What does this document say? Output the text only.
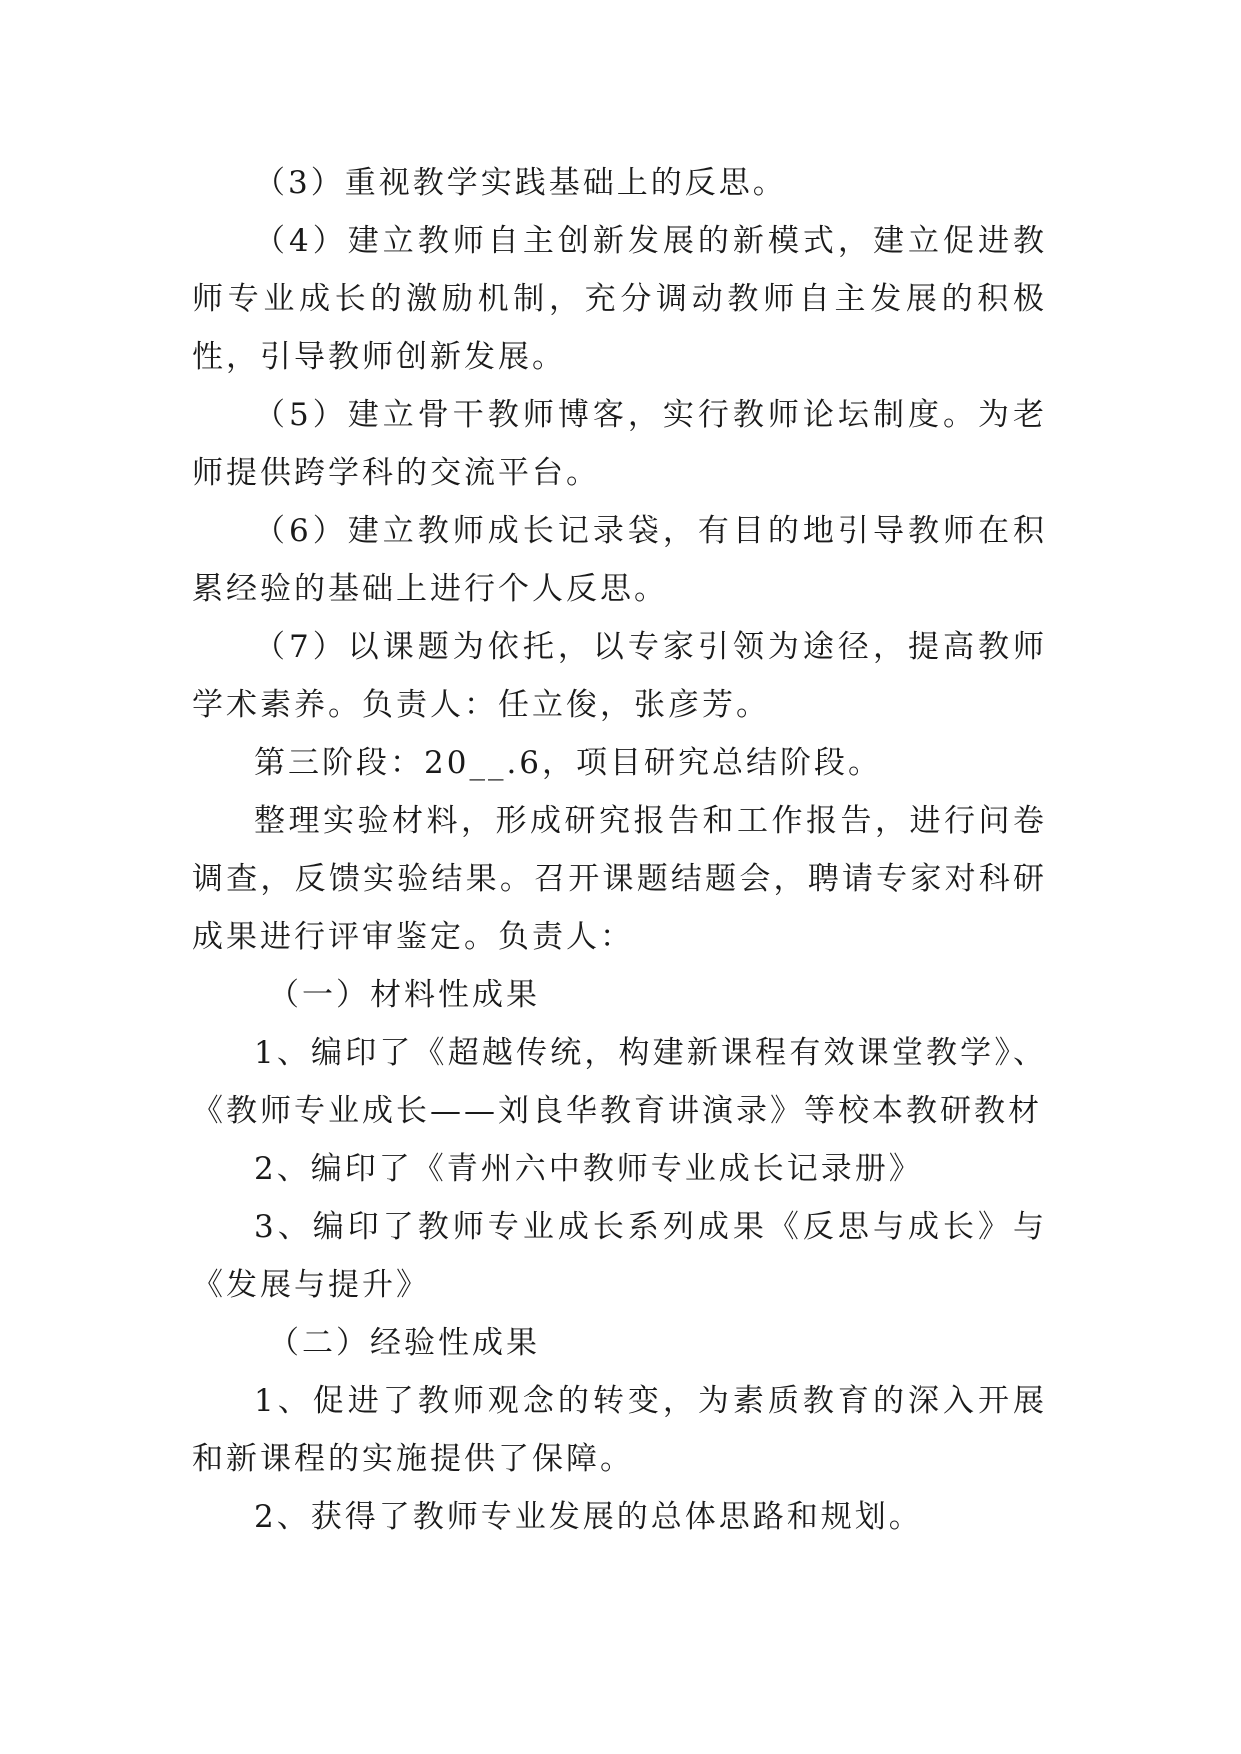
（3）重视教学实践基础上的反思。

（4）建立教师自主创新发展的新模式，建立促进教师专业成长的激励机制，充分调动教师自主发展的积极性，引导教师创新发展。

（5）建立骨干教师博客，实行教师论坛制度。为老师提供跨学科的交流平台。

（6）建立教师成长记录袋，有目的地引导教师在积累经验的基础上进行个人反思。

（7）以课题为依托，以专家引领为途径，提高教师学术素养。负责人：任立俊，张彦芳。

第三阶段：20__.6，项目研究总结阶段。

整理实验材料，形成研究报告和工作报告，进行问卷调查，反馈实验结果。召开课题结题会，聘请专家对科研成果进行评审鉴定。负责人：

（一）材料性成果

1、编印了《超越传统，构建新课程有效课堂教学》、《教师专业成长——刘良华教育讲演录》等校本教研教材

2、编印了《青州六中教师专业成长记录册》

3、编印了教师专业成长系列成果《反思与成长》与《发展与提升》

（二）经验性成果

1、促进了教师观念的转变，为素质教育的深入开展和新课程的实施提供了保障。

2、获得了教师专业发展的总体思路和规划。
